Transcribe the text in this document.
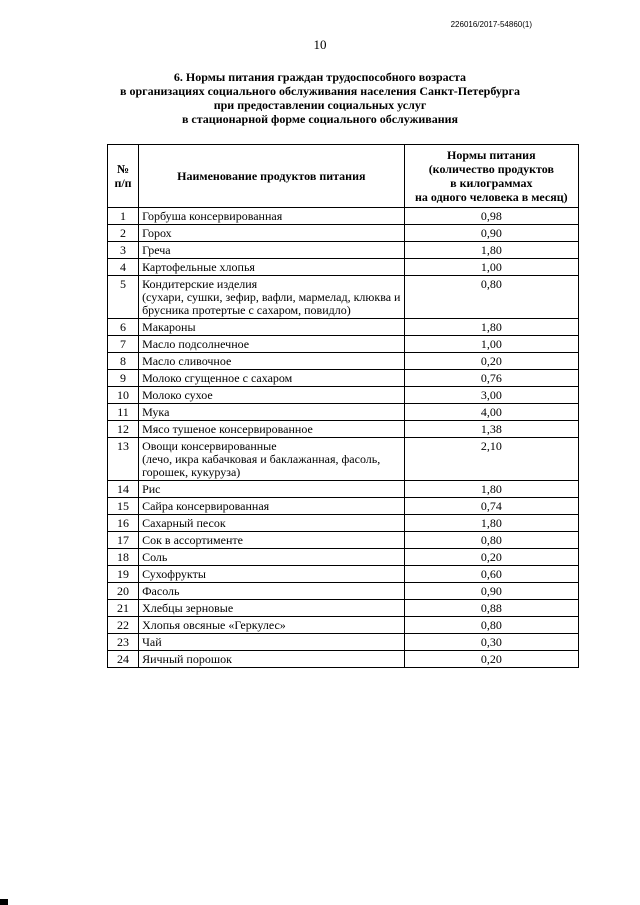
226016/2017-54860(1)
10
6. Нормы питания граждан трудоспособного возраста
в организациях социального обслуживания населения Санкт-Петербурга
при предоставлении социальных услуг
в стационарной форме социального обслуживания
№ п/п	Наименование продуктов питания	Нормы питания
(количество продуктов
в килограммах
на одного человека в месяц)

1	Горбуша консервированная	0,98
2	Горох	0,90
3	Греча	1,80
4	Картофельные хлопья	1,00
5	Кондитерские изделия
(сухари, сушки, зефир, вафли, мармелад, клюква и брусника протертые с сахаром, повидло)	0,80
6	Макароны	1,80
7	Масло подсолнечное	1,00
8	Масло сливочное	0,20
9	Молоко сгущенное с сахаром	0,76
10	Молоко сухое	3,00
11	Мука	4,00
12	Мясо тушеное консервированное	1,38
13	Овощи консервированные
(лечо, икра кабачковая и баклажанная, фасоль, горошек, кукуруза)	2,10
14	Рис	1,80
15	Сайра консервированная	0,74
16	Сахарный песок	1,80
17	Сок в ассортименте	0,80
18	Соль	0,20
19	Сухофрукты	0,60
20	Фасоль	0,90
21	Хлебцы зерновые	0,88
22	Хлопья овсяные «Геркулес»	0,80
23	Чай	0,30
24	Яичный порошок	0,20
